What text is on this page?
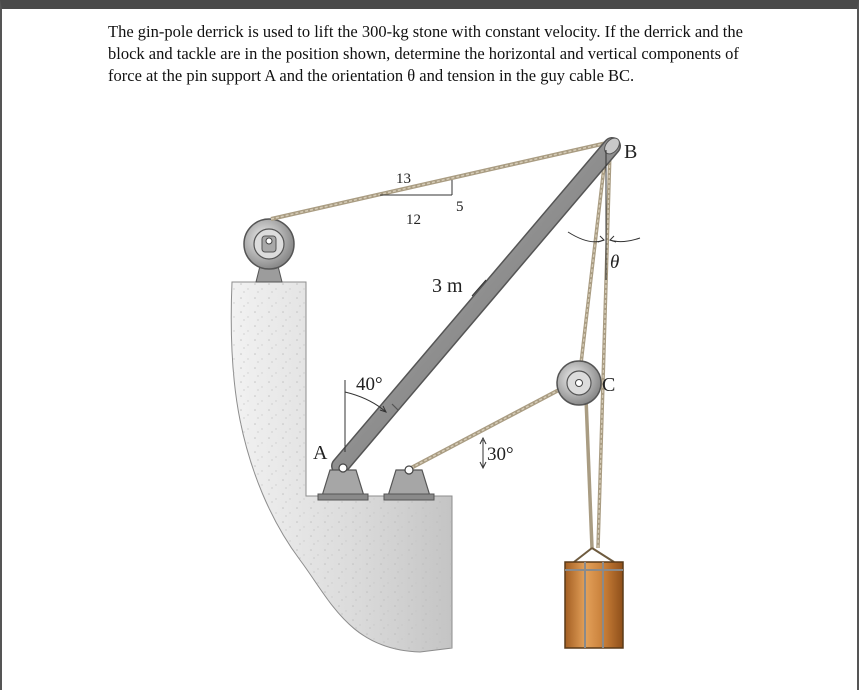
The gin-pole derrick is used to lift the 300-kg stone with constant velocity. If the derrick and the block and tackle are in the position shown, determine the horizontal and vertical components of force at the pin support A and the orientation θ and tension in the guy cable BC.

B
C
A
θ
3 m
13
12
5
40°
30°
